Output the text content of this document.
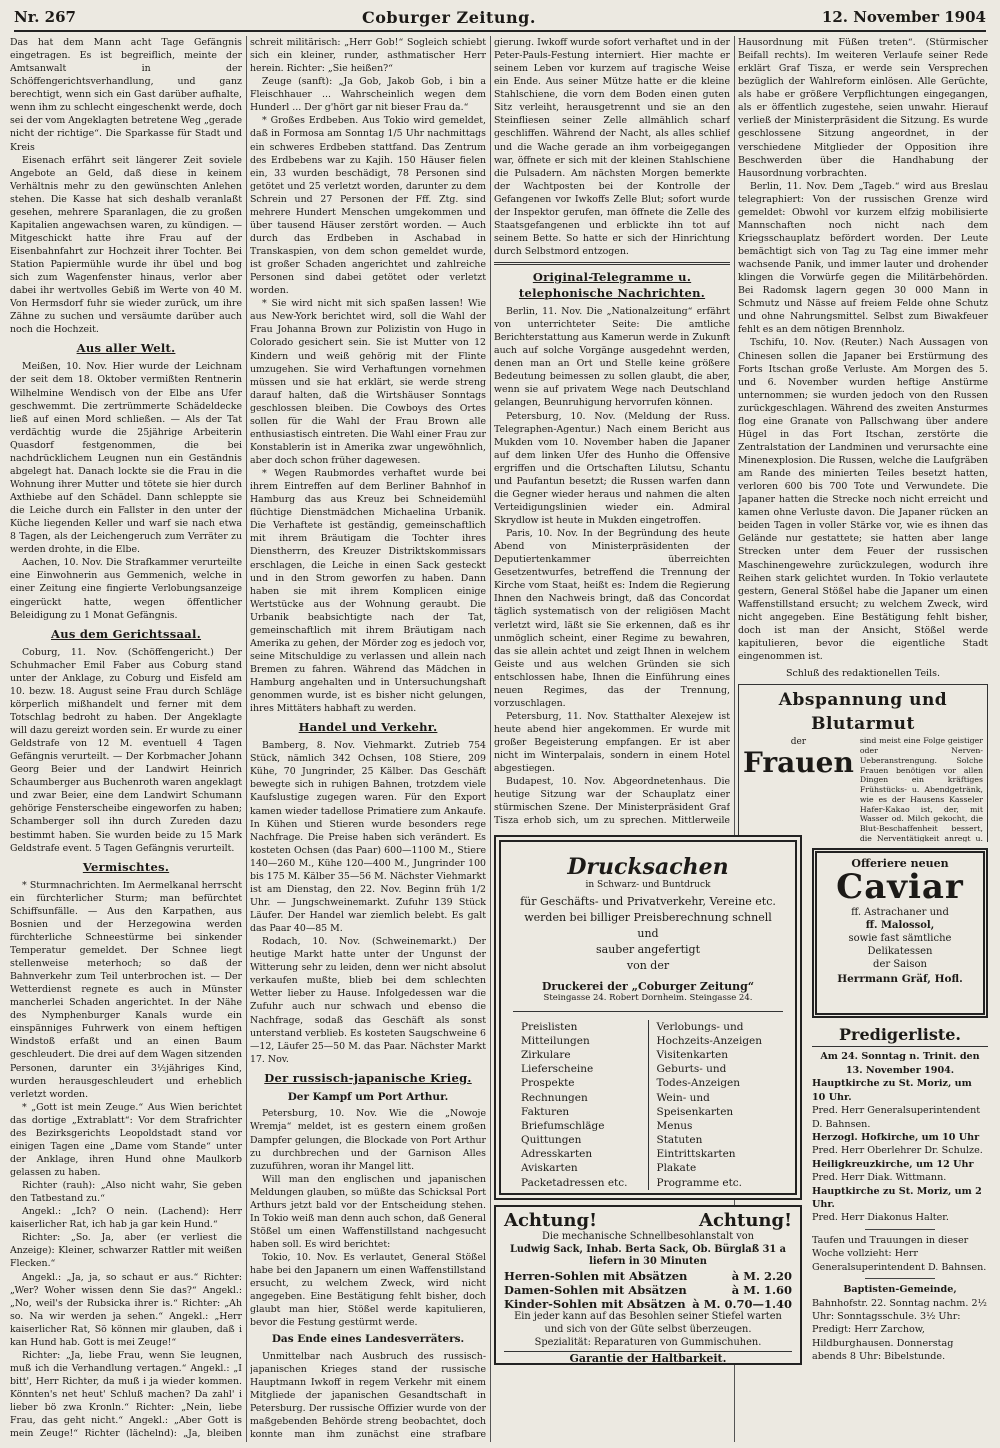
Nr. 267	Coburger Zeitung.	12. November 1904

Das hat dem Mann acht Tage Gefängnis eingetragen. Es ist begreiflich, meinte der Amtsanwalt in der Schöffengerichtsverhandlung, und ganz berechtigt, wenn sich ein Gast darüber aufhalte, wenn ihm zu schlecht eingeschenkt werde, doch sei der vom Angeklagten betretene Weg „gerade nicht der richtige“. Die Sparkasse für Stadt und Kreis

Eisenach erfährt seit längerer Zeit soviele Angebote an Geld, daß diese in keinem Verhältnis mehr zu den gewünschten Anlehen stehen. Die Kasse hat sich deshalb veranlaßt gesehen, mehrere Sparanlagen, die zu großen Kapitalien angewachsen waren, zu kündigen. — Mitgeschickt hatte ihre Frau auf der Eisenbahnfahrt zur Hochzeit ihrer Tochter. Bei Station Papiermühle wurde ihr übel und bog sich zum Wagenfenster hinaus, verlor aber dabei ihr wertvolles Gebiß im Werte von 40 M. Von Hermsdorf fuhr sie wieder zurück, um ihre Zähne zu suchen und versäumte darüber auch noch die Hochzeit.

Aus aller Welt.

Meißen, 10. Nov. Hier wurde der Leichnam der seit dem 18. Oktober vermißten Rentnerin Wilhelmine Wendisch von der Elbe ans Ufer geschwemmt. Die zertrümmerte Schädeldecke ließ auf einen Mord schließen. — Als der Tat verdächtig wurde die 25jährige Arbeiterin Quasdorf festgenommen, die bei nachdrücklichem Leugnen nun ein Geständnis abgelegt hat. Danach lockte sie die Frau in die Wohnung ihrer Mutter und tötete sie hier durch Axthiebe auf den Schädel. Dann schleppte sie die Leiche durch ein Fallster in den unter der Küche liegenden Keller und warf sie nach etwa 8 Tagen, als der Leichengeruch zum Verräter zu werden drohte, in die Elbe.

Aachen, 10. Nov. Die Strafkammer verurteilte eine Einwohnerin aus Gemmenich, welche in einer Zeitung eine fingierte Verlobungsanzeige eingerückt hatte, wegen öffentlicher Beleidigung zu 1 Monat Gefängnis.

Aus dem Gerichtssaal.

Coburg, 11. Nov. (Schöffengericht.) Der Schuhmacher Emil Faber aus Coburg stand unter der Anklage, zu Coburg und Eisfeld am 10. bezw. 18. August seine Frau durch Schläge körperlich mißhandelt und ferner mit dem Totschlag bedroht zu haben. Der Angeklagte will dazu gereizt worden sein. Er wurde zu einer Geldstrafe von 12 M. eventuell 4 Tagen Gefängnis verurteilt. — Der Korbmacher Johann Georg Beier und der Landwirt Heinrich Schaumberger aus Buchenroth waren angeklagt und zwar Beier, eine dem Landwirt Schumann gehörige Fensterscheibe eingeworfen zu haben; Schamberger soll ihn durch Zureden dazu bestimmt haben. Sie wurden beide zu 15 Mark Geldstrafe event. 5 Tagen Gefängnis verurteilt.

Vermischtes.

* Sturmnachrichten. Im Aermelkanal herrscht ein fürchterlicher Sturm; man befürchtet Schiffsunfälle. — Aus den Karpathen, aus Bosnien und der Herzegowina werden fürchterliche Schneestürme bei sinkender Temperatur gemeldet. Der Schnee liegt stellenweise meterhoch; so daß der Bahnverkehr zum Teil unterbrochen ist. — Der Wetterdienst regnete es auch in Münster mancherlei Schaden angerichtet. In der Nähe des Nymphenburger Kanals wurde ein einspänniges Fuhrwerk von einem heftigen Windstoß erfaßt und an einen Baum geschleudert. Die drei auf dem Wagen sitzenden Personen, darunter ein 3½jähriges Kind, wurden herausgeschleudert und erheblich verletzt worden.

* „Gott ist mein Zeuge.“ Aus Wien berichtet das dortige „Extrablatt“: Vor dem Strafrichter des Bezirksgerichts Leopoldstadt stand vor einigen Tagen eine „Dame vom Stande“ unter der Anklage, ihren Hund ohne Maulkorb gelassen zu haben.

Richter (rauh): „Also nicht wahr, Sie geben den Tatbestand zu.“

Angekl.: „Ich? O nein. (Lachend): Herr kaiserlicher Rat, ich hab ja gar kein Hund.“

Richter: „So. Ja, aber (er verliest die Anzeige): Kleiner, schwarzer Rattler mit weißen Flecken.“

Angekl.: „Ja, ja, so schaut er aus.“ Richter: „Wer? Woher wissen denn Sie das?“ Angekl.: „No, weil's der Rubsicka ihrer is.“ Richter: „Ah so. Na wir werden ja sehen.“ Angekl.: „Herr kaiserlicher Rat, Sö können mir glauben, daß i kan Hund hab. Gott is mei Zeuge!“

Richter: „Ja, liebe Frau, wenn Sie leugnen, muß ich die Verhandlung vertagen.“ Angekl.: „I bitt', Herr Richter, da muß i ja wieder kommen. Könnten's net heut' Schluß machen? Da zahl' i lieber bö zwa Kronln.“ Richter: „Nein, liebe Frau, das geht nicht.“ Angekl.: „Aber Gott is mein Zeuge!“ Richter (lächelnd): „Ja, bleiben

schreit militärisch: „Herr Gob!“ Sogleich schiebt sich ein kleiner, runder, asthmatischer Herr herein. Richter: „Sie heißen?“

Zeuge (sanft): „Ja Gob, Jakob Gob, i bin a Fleischhauer ... Wahrscheinlich wegen dem Hunderl ... Der g'hört gar nit bieser Frau da.“

* Großes Erdbeben. Aus Tokio wird gemeldet, daß in Formosa am Sonntag 1/5 Uhr nachmittags ein schweres Erdbeben stattfand. Das Zentrum des Erdbebens war zu Kajih. 150 Häuser fielen ein, 33 wurden beschädigt, 78 Personen sind getötet und 25 verletzt worden, darunter zu dem Schrein und 27 Personen der Fff. Ztg. sind mehrere Hundert Menschen umgekommen und über tausend Häuser zerstört worden. — Auch durch das Erdbeben in Aschabad in Transkaspien, von dem schon gemeldet wurde, ist großer Schaden angerichtet und zahlreiche Personen sind dabei getötet oder verletzt worden.

* Sie wird nicht mit sich spaßen lassen! Wie aus New-York berichtet wird, soll die Wahl der Frau Johanna Brown zur Polizistin von Hugo in Colorado gesichert sein. Sie ist Mutter von 12 Kindern und weiß gehörig mit der Flinte umzugehen. Sie wird Verhaftungen vornehmen müssen und sie hat erklärt, sie werde streng darauf halten, daß die Wirtshäuser Sonntags geschlossen bleiben. Die Cowboys des Ortes sollen für die Wahl der Frau Brown alle enthusiastisch eintreten. Die Wahl einer Frau zur Konstablerin ist in Amerika zwar ungewöhnlich, aber doch schon früher dagewesen.

* Wegen Raubmordes verhaftet wurde bei ihrem Eintreffen auf dem Berliner Bahnhof in Hamburg das aus Kreuz bei Schneidemühl flüchtige Dienstmädchen Michaelina Urbanik. Die Verhaftete ist geständig, gemeinschaftlich mit ihrem Bräutigam die Tochter ihres Dienstherrn, des Kreuzer Distriktskommissars erschlagen, die Leiche in einen Sack gesteckt und in den Strom geworfen zu haben. Dann haben sie mit ihrem Komplicen einige Wertstücke aus der Wohnung geraubt. Die Urbanik beabsichtigte nach der Tat, gemeinschaftlich mit ihrem Bräutigam nach Amerika zu gehen, der Mörder zog es jedoch vor, seine Mitschuldige zu verlassen und allein nach Bremen zu fahren. Während das Mädchen in Hamburg angehalten und in Untersuchungshaft genommen wurde, ist es bisher nicht gelungen, ihres Mittäters habhaft zu werden.

Handel und Verkehr.

Bamberg, 8. Nov. Viehmarkt. Zutrieb 754 Stück, nämlich 342 Ochsen, 108 Stiere, 209 Kühe, 70 Jungrinder, 25 Kälber. Das Geschäft bewegte sich in ruhigen Bahnen, trotzdem viele Kaufslustige zugegen waren. Für den Export kamen wieder tadellose Primatiere zum Ankaufe. In Kühen und Stieren wurde besonders rege Nachfrage. Die Preise haben sich verändert. Es kosteten Ochsen (das Paar) 600—1100 M., Stiere 140—260 M., Kühe 120—400 M., Jungrinder 100 bis 175 M. Kälber 35—56 M. Nächster Viehmarkt ist am Dienstag, den 22. Nov. Beginn früh 1/2 Uhr. — Jungschweinemarkt. Zufuhr 139 Stück Läufer. Der Handel war ziemlich belebt. Es galt das Paar 40—85 M.

Rodach, 10. Nov. (Schweinemarkt.) Der heutige Markt hatte unter der Ungunst der Witterung sehr zu leiden, denn wer nicht absolut verkaufen mußte, blieb bei dem schlechten Wetter lieber zu Hause. Infolgedessen war die Zufuhr auch nur schwach und ebenso die Nachfrage, sodaß das Geschäft als sonst unterstand verblieb. Es kosteten Saugschweine 6—12, Läufer 25—50 M. das Paar. Nächster Markt 17. Nov.

Der russisch-japanische Krieg.
Der Kampf um Port Arthur.

Petersburg, 10. Nov. Wie die „Nowoje Wremja“ meldet, ist es gestern einem großen Dampfer gelungen, die Blockade von Port Arthur zu durchbrechen und der Garnison Alles zuzuführen, woran ihr Mangel litt.

Will man den englischen und japanischen Meldungen glauben, so müßte das Schicksal Port Arthurs jetzt bald vor der Entscheidung stehen. In Tokio weiß man denn auch schon, daß General Stößel um einen Waffenstillstand nachgesucht haben soll. Es wird berichtet:

Tokio, 10. Nov. Es verlautet, General Stößel habe bei den Japanern um einen Waffenstillstand ersucht, zu welchem Zweck, wird nicht angegeben. Eine Bestätigung fehlt bisher, doch glaubt man hier, Stößel werde kapitulieren, bevor die Festung gestürmt werde.

Das Ende eines Landesverräters.

Unmittelbar nach Ausbruch des russisch-japanischen Krieges stand der russische Hauptmann Iwkoff in regem Verkehr mit einem Mitgliede der japanischen Gesandtschaft in Petersburg. Der russische Offizier wurde von der maßgebenden Behörde streng beobachtet, doch konnte man ihm zunächst eine strafbare

gierung. Iwkoff wurde sofort verhaftet und in der Peter-Pauls-Festung interniert. Hier machte er seinem Leben vor kurzem auf tragische Weise ein Ende. Aus seiner Mütze hatte er die kleine Stahlschiene, die vorn dem Boden einen guten Sitz verleiht, herausgetrennt und sie an den Steinfliesen seiner Zelle allmählich scharf geschliffen. Während der Nacht, als alles schlief und die Wache gerade an ihm vorbeigegangen war, öffnete er sich mit der kleinen Stahlschiene die Pulsadern. Am nächsten Morgen bemerkte der Wachtposten bei der Kontrolle der Gefangenen vor Iwkoffs Zelle Blut; sofort wurde der Inspektor gerufen, man öffnete die Zelle des Staatsgefangenen und erblickte ihn tot auf seinem Bette. So hatte er sich der Hinrichtung durch Selbstmord entzogen.

Original-Telegramme u. telephonische Nachrichten.

Berlin, 11. Nov. Die „Nationalzeitung“ erfährt von unterrichteter Seite: Die amtliche Berichterstattung aus Kamerun werde in Zukunft auch auf solche Vorgänge ausgedehnt werden, denen man an Ort und Stelle keine größere Bedeutung beimessen zu sollen glaubt, die aber, wenn sie auf privatem Wege nach Deutschland gelangen, Beunruhigung hervorrufen können.

Petersburg, 10. Nov. (Meldung der Russ. Telegraphen-Agentur.) Nach einem Bericht aus Mukden vom 10. November haben die Japaner auf dem linken Ufer des Hunho die Offensive ergriffen und die Ortschaften Lilutsu, Schantu und Paufantun besetzt; die Russen warfen dann die Gegner wieder heraus und nahmen die alten Verteidigungslinien wieder ein. Admiral Skrydlow ist heute in Mukden eingetroffen.

Paris, 10. Nov. In der Begründung des heute Abend von Ministerpräsidenten der Deputiertenkammer überreichten Gesetzentwurfes, betreffend die Trennung der Kirche vom Staat, heißt es: Indem die Regierung Ihnen den Nachweis bringt, daß das Concordat täglich systematisch von der religiösen Macht verletzt wird, läßt sie Sie erkennen, daß es ihr unmöglich scheint, einer Regime zu bewahren, das sie allein achtet und zeigt Ihnen in welchem Geiste und aus welchen Gründen sie sich entschlossen habe, Ihnen die Einführung eines neuen Regimes, das der Trennung, vorzuschlagen.

Petersburg, 11. Nov. Statthalter Alexejew ist heute abend hier angekommen. Er wurde mit großer Begeisterung empfangen. Er ist aber nicht im Winterpalais, sondern in einem Hotel abgestiegen.

Budapest, 10. Nov. Abgeordnetenhaus. Die heutige Sitzung war der Schauplatz einer stürmischen Szene. Der Ministerpräsident Graf Tisza erhob sich, um zu sprechen. Mittlerweile

Hausordnung mit Füßen treten“. (Stürmischer Beifall rechts). Im weiteren Verlaufe seiner Rede erklärt Graf Tisza, er werde sein Versprechen bezüglich der Wahlreform einlösen. Alle Gerüchte, als habe er größere Verpflichtungen eingegangen, als er öffentlich zugestehe, seien unwahr. Hierauf verließ der Ministerpräsident die Sitzung. Es wurde geschlossene Sitzung angeordnet, in der verschiedene Mitglieder der Opposition ihre Beschwerden über die Handhabung der Hausordnung vorbrachten.

Berlin, 11. Nov. Dem „Tageb.“ wird aus Breslau telegraphiert: Von der russischen Grenze wird gemeldet: Obwohl vor kurzem elfzig mobilisierte Mannschaften noch nicht nach dem Kriegsschauplatz befördert worden. Der Leute bemächtigt sich von Tag zu Tag eine immer mehr wachsende Panik, und immer lauter und drohender klingen die Vorwürfe gegen die Militärbehörden. Bei Radomsk lagern gegen 30 000 Mann in Schmutz und Nässe auf freiem Felde ohne Schutz und ohne Nahrungsmittel. Selbst zum Biwakfeuer fehlt es an dem nötigen Brennholz.

Tschifu, 10. Nov. (Reuter.) Nach Aussagen von Chinesen sollen die Japaner bei Erstürmung des Forts Itschan große Verluste. Am Morgen des 5. und 6. November wurden heftige Anstürme unternommen; sie wurden jedoch von den Russen zurückgeschlagen. Während des zweiten Ansturmes flog eine Granate von Pallschwang über andere Hügel in das Fort Itschan, zerstörte die Zentralstation der Landminen und verursachte eine Minenexplosion. Die Russen, welche die Laufgräben am Rande des minierten Teiles besetzt hatten, verloren 600 bis 700 Tote und Verwundete. Die Japaner hatten die Strecke noch nicht erreicht und kamen ohne Verluste davon. Die Japaner rücken an beiden Tagen in voller Stärke vor, wie es ihnen das Gelände nur gestattete; sie hatten aber lange Strecken unter dem Feuer der russischen Maschinengewehre zurückzulegen, wodurch ihre Reihen stark gelichtet wurden. In Tokio verlautete gestern, General Stößel habe die Japaner um einen Waffenstillstand ersucht; zu welchem Zweck, wird nicht angegeben. Eine Bestätigung fehlt bisher, doch ist man der Ansicht, Stößel werde kapitulieren, bevor die eigentliche Stadt eingenommen ist.

Schluß des redaktionellen Teils.
Abspannung und Blutarmut
der
Frauen
sind meist eine Folge geistiger oder Nerven-Ueberanstrengung. Solche Frauen benötigen vor allen Dingen ein kräftiges Frühstücks- u. Abendgetränk, wie es der Hausens Kasseler Hafer-Kakao ist, der, mit Wasser od. Milch gekocht, die Blut-Beschaffenheit bessert, die Nerventätigkeit anregt u.
Drucksachen
in Schwarz- und Buntdruck
für Geschäfts- und Privatverkehr, Vereine etc.
werden bei billiger Preisberechnung schnell und
sauber angefertigt
von der
Druckerei der „Coburger Zeitung“
Steingasse 24. Robert Dornheim. Steingasse 24.
Preislisten
Mitteilungen
Zirkulare
Lieferscheine
Prospekte
Rechnungen
Fakturen
Briefumschläge
Quittungen
Adresskarten
Aviskarten
Packetadressen etc.
Verlobungs- und
Hochzeits-Anzeigen
Visitenkarten
Geburts- und
Todes-Anzeigen
Wein- und
Speisenkarten
Menus
Statuten
Eintrittskarten
Plakate
Programme etc.
Achtung!	Achtung!
Die mechanische Schnellbesohlanstalt von
Ludwig Sack, Inhab. Berta Sack, Ob. Bürglaß 31 a
liefern in 30 Minuten
Herren-Sohlen mit Absätzen	à M. 2.20
Damen-Sohlen mit Absätzen	à M. 1.60
Kinder-Sohlen mit Absätzen à M. 0.70—1.40
Ein jeder kann auf das Besohlen seiner Stiefel warten und sich von der Güte selbst überzeugen.
Spezialität: Reparaturen von Gummischuhen.
Garantie der Haltbarkeit.
Offeriere neuen
Caviar
ff. Astrachaner und
ff. Malossol,
sowie fast sämtliche Delikatessen
der Saison
Herrmann Gräf, Hofl.
Predigerliste.

Am 24. Sonntag n. Trinit. den 13. November 1904.

Hauptkirche zu St. Moriz, um 10 Uhr.

Pred. Herr Generalsuperintendent D. Bahnsen.

Herzogl. Hofkirche, um 10 Uhr

Pred. Herr Oberlehrer Dr. Schulze.

Heiligkreuzkirche, um 12 Uhr

Pred. Herr Diak. Wittmann.

Hauptkirche zu St. Moriz, um 2 Uhr.

Pred. Herr Diakonus Halter.

Taufen und Trauungen in dieser Woche vollzieht: Herr Generalsuperintendent D. Bahnsen.

Baptisten-Gemeinde,

Bahnhofstr. 22. Sonntag nachm. 2½ Uhr: Sonntagsschule. 3½ Uhr: Predigt: Herr Zarchow, Hildburghausen. Donnerstag abends 8 Uhr: Bibelstunde.
